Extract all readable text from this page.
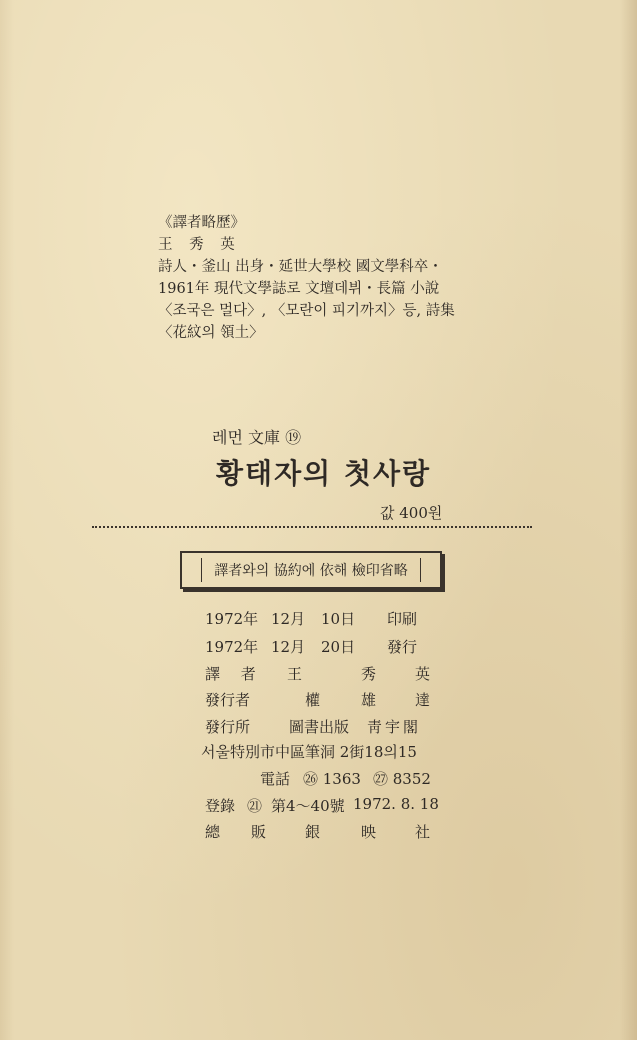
《譯者略歷》
王 秀 英
詩人・釜山 出身・延世大學校 國文學科卒・
1961年 現代文學誌로 文壇데뷔・長篇 小說
〈조국은 멀다〉, 〈모란이 피기까지〉등, 詩集
〈花紋의 領土〉
레먼 文庫 ⑲
황태자의 첫사랑
값 400원
譯者와의 協約에 依해 檢印省略
1972年 12月 10日 印刷
1972年 12月 20日 發行
譯 者 王	秀	英
發行者	權	雄	達
發行所	圖書出版 靑宇閣
서울特別市中區筆洞 2街18의15
電話 ㉖ 1363 ㉗ 8352
登錄 ㉑ 第4〜40號 1972. 8. 18
總 販	銀	映	社
